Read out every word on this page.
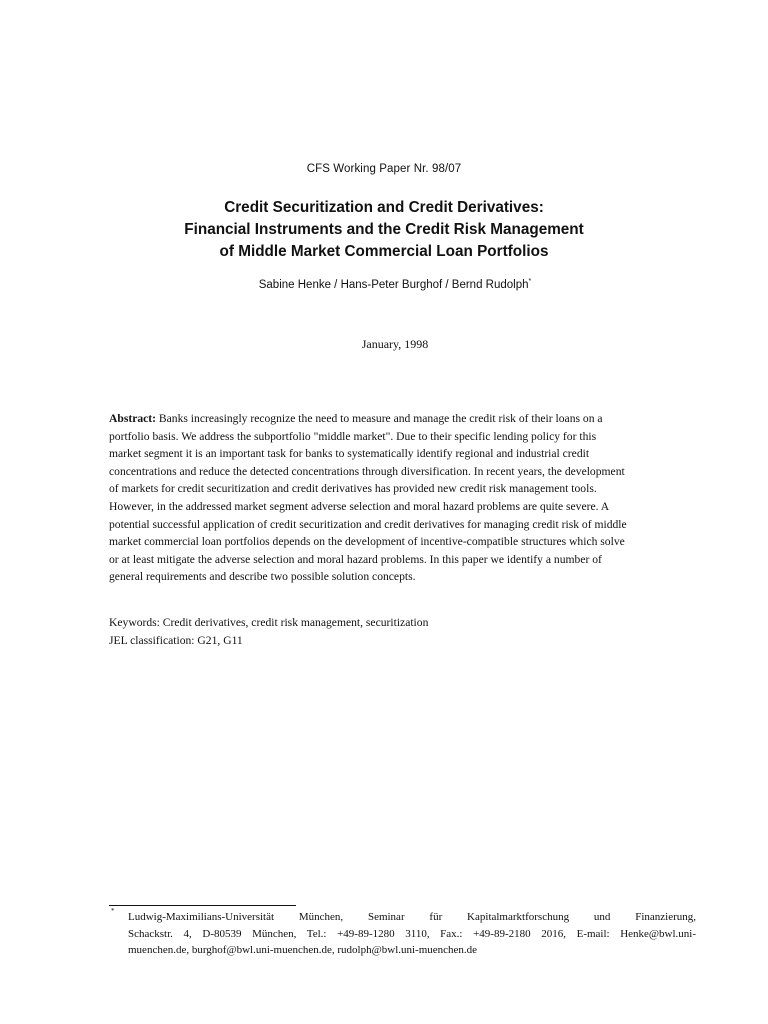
CFS Working Paper Nr. 98/07
Credit Securitization and Credit Derivatives:
Financial Instruments and the Credit Risk Management
of Middle Market Commercial Loan Portfolios
Sabine Henke / Hans-Peter Burghof / Bernd Rudolph*
January, 1998
Abstract: Banks increasingly recognize the need to measure and manage the credit risk of their loans on a
portfolio basis. We address the subportfolio "middle market". Due to their specific lending policy for this
market segment it is an important task for banks to systematically identify regional and industrial credit
concentrations and reduce the detected concentrations through diversification. In recent years, the development
of markets for credit securitization and credit derivatives has provided new credit risk management tools.
However, in the addressed market segment adverse selection and moral hazard problems are quite severe. A
potential successful application of credit securitization and credit derivatives for managing credit risk of middle
market commercial loan portfolios depends on the development of incentive-compatible structures which solve
or at least mitigate the adverse selection and moral hazard problems. In this paper we identify a number of
general requirements and describe two possible solution concepts.
Keywords: Credit derivatives, credit risk management, securitization
JEL classification: G21, G11
* Ludwig-Maximilians-Universität München, Seminar für Kapitalmarktforschung und Finanzierung,
Schackstr. 4, D-80539 München, Tel.: +49-89-1280 3110, Fax.: +49-89-2180 2016, E-mail: Henke@bwl.uni-
muenchen.de, burghof@bwl.uni-muenchen.de, rudolph@bwl.uni-muenchen.de
